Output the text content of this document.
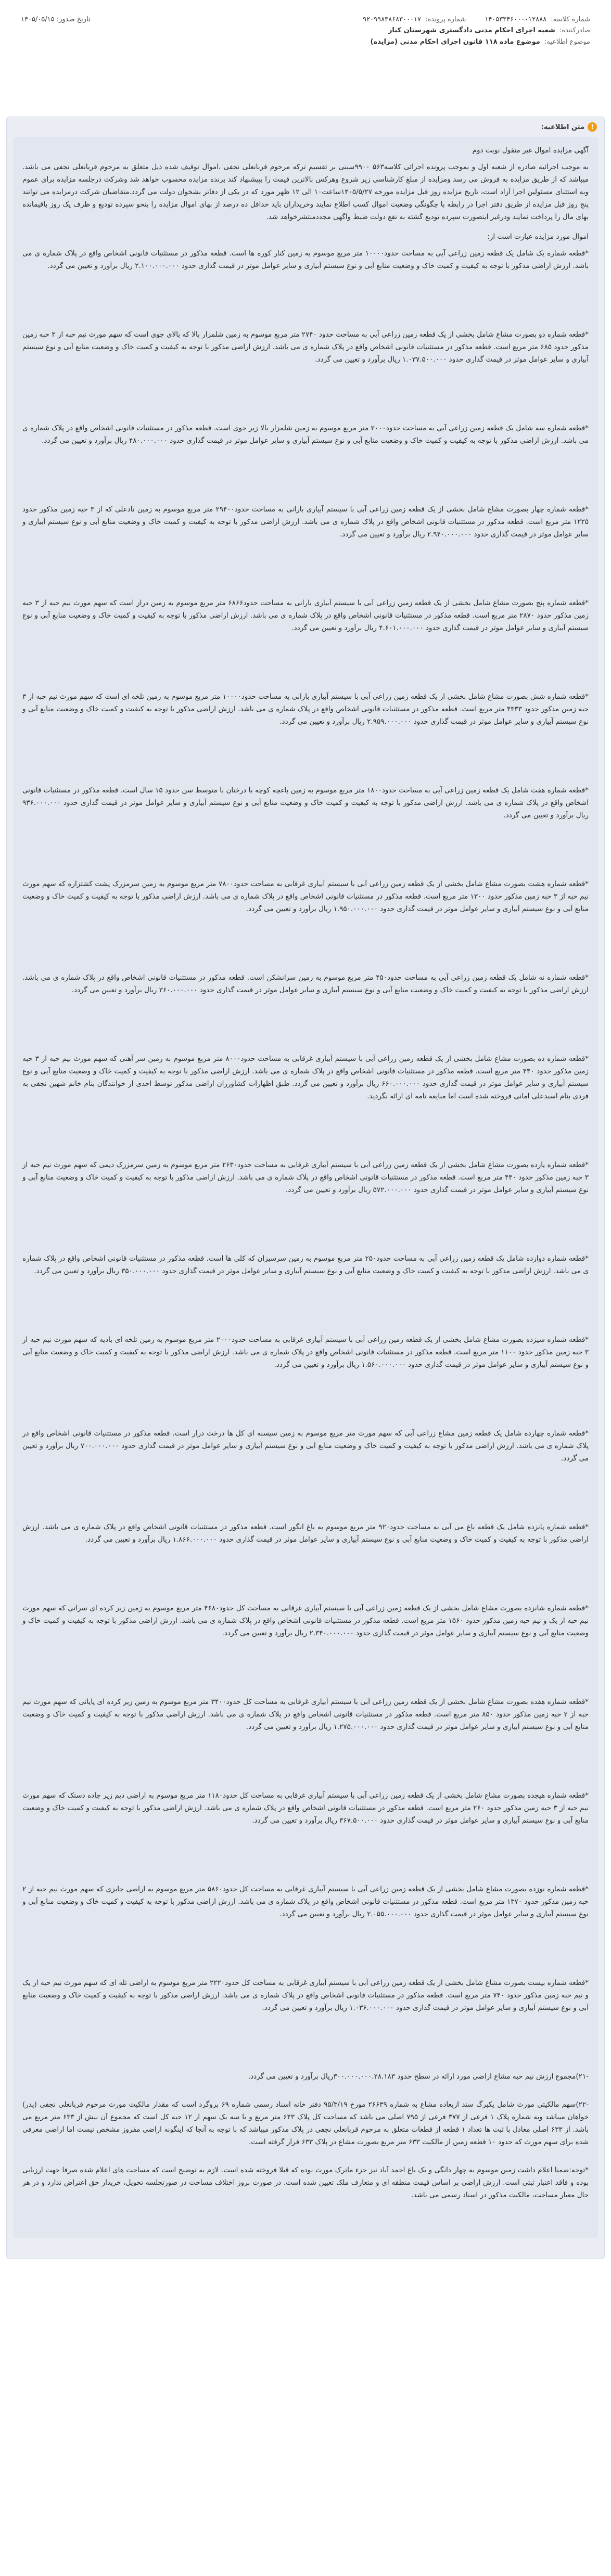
شماره کلاسه: ۱۴۰۵۳۳۴۶۰۰۰۰۱۲۸۸۸
شماره پرونده: ۹۲۰۹۹۸۳۸۶۸۳۰۰۰۱۷
تاریخ صدور: ۱۴۰۵/۰۵/۱۵
صادرکننده: شعبه اجرای احکام مدنی دادگستری شهرستان کیار
موضوع اطلاعیه: موضوع ماده ۱۱۸ قانون اجرای احکام مدنی (مزایده)
!
متن اطلاعیه:
آگهی مزایده اموال غیر منقول نوبت دوم
به موجب اجرائیه صادره از شعبه اول و بموجب پرونده اجرائی کلاسه۵۶۳ ۹۹۰۰سبنی بر تقسیم ترکه مرحوم قربانعلی نجفی ،اموال توقیف شده ذیل متعلق به مرحوم قربانعلی نجفی می باشد. میباشد که از طریق مزایده به فروش می رسد ومزایده از مبلغ کارشناسی زیر شروع وهرکس بالاترین قیمت را بپیشنهاد کند برنده مزایده محسوب خواهد شد وشرکت درجلسه مزایده برای عموم وبه استثنای مسئولین اجرا آزاد است، تاریخ مزایده روز قبل مزایده مورخه ۱۴۰۵/۵/۲۷ساعت۱۰ الی ۱۲ ظهر مورد که در یکی از دفاتر بشخوان دولت می گردد.متقاضیان شرکت درمزایده می توانند پنج روز قبل مزایده از طریق دفتر اجرا در رابطه با چگونگی وضعیت اموال کسب اطلاع نمایند وخریداران باید حداقل ده درصد از بهای اموال مزایده را بنحو سپرده تودیع و ظرف یک روز باقیمانده بهای مال را پرداخت نمایند ودرغیر اینصورت سپرده تودیع گشته به نفع دولت ضبط واگهی مجددمنتشرخواهد شد.
اموال مورد مزایده عبارت است از:
*قطعه شماره یک شامل یک قطعه زمین زراعی آبی به مساحت حدود۱۰۰۰۰ متر مربع موسوم به زمین کنار کوره ها است. قطعه مذکور در مستثنیات قانونی اشخاص واقع در پلاک شماره ی می باشد. ارزش اراضی مذکور با توجه به کیفیت و کمیت خاک و وضعیت منابع آبی و نوع سیستم آبیاری و سایر عوامل موثر در قیمت گذاری حدود ۲.۱۰۰.۰۰۰.۰۰۰ ریال برآورد و تعیین می گردد.
*قطعه شماره دو بصورت مشاع شامل بخشی از یک قطعه زمین زراعی آبی به مساحت حدود ۲۷۴۰ متر مربع موسوم به زمین شلمزار بالا که بالای جوی است که سهم مورث نیم حبه از ۳ حبه زمین مذکور حدود ۶۸۵ متر مربع است. قطعه مذکور در مستثنیات قانونی اشخاص واقع در پلاک شماره ی می باشد. ارزش اراضی مذکور با توجه به کیفیت و کمیت خاک و وضعیت منابع آبی و نوع سیستم آبیاری و سایر عوامل موثر در قیمت گذاری حدود ۱.۰۳۷.۵۰۰.۰۰۰ ریال برآورد و تعیین می گردد.
*قطعه شماره سه شامل یک قطعه زمین زراعی آبی به مساحت حدود۲۰۰۰ متر مربع موسوم به زمین شلمزار بالا زیر جوی است. قطعه مذکور در مستثنیات قانونی اشخاص واقع در پلاک شماره ی می باشد. ارزش اراضی مذکور با توجه به کیفیت و کمیت خاک و وضعیت منابع آبی و نوع سیستم آبیاری و سایر عوامل موثر در قیمت گذاری حدود ۴۸۰.۰۰۰.۰۰۰ ریال برآورد و تعیین می گردد.
*قطعه شماره چهار بصورت مشاع شامل بخشی از یک قطعه زمین زراعی آبی با سیستم آبیاری بارانی به مساحت حدود۲۹۴۰۰ متر مربع موسوم به زمین نادعلی که از ۳ حبه زمین مذکور حدود ۱۲۲۵ متر مربع است. قطعه مذکور در مستثنیات قانونی اشخاص واقع در پلاک شماره ی می باشد. ارزش اراضی مذکور با توجه به کیفیت و کمیت خاک و وضعیت منابع آبی و نوع سیستم آبیاری و سایر عوامل موثر در قیمت گذاری حدود ۲.۹۴۰.۰۰۰.۰۰۰ ریال برآورد و تعیین می گردد.
*قطعه شماره پنج بصورت مشاع شامل بخشی از یک قطعه زمین زراعی آبی با سیستم آبیاری بارانی به مساحت حدود۶۸۶۶ متر مربع موسوم به زمین دراز است که سهم مورث نیم حبه از ۳ حبه زمین مذکور حدود ۲۸۷۰ متر مربع است. قطعه مذکور در مستثنیات قانونی اشخاص واقع در پلاک شماره ی می باشد. ارزش اراضی مذکور با توجه به کیفیت و کمیت خاک و وضعیت منابع آبی و نوع سیستم آبیاری و سایر عوامل موثر در قیمت گذاری حدود ۴.۶۰۱.۰۰۰.۰۰۰ ریال برآورد و تعیین می گردد.
*قطعه شماره شش بصورت مشاع شامل بخشی از یک قطعه زمین زراعی آبی با سیستم آبیاری بارانی به مساحت حدود۱۰۰۰۰ متر مربع موسوم به زمین تلخه ای است که سهم مورث نیم حبه از ۳ حبه زمین مذکور حدود ۴۳۳۳ متر مربع است. قطعه مذکور در مستثنیات قانونی اشخاص واقع در پلاک شماره ی می باشد. ارزش اراضی مذکور با توجه به کیفیت و کمیت خاک و وضعیت منابع آبی و نوع سیستم آبیاری و سایر عوامل موثر در قیمت گذاری حدود ۲.۹۵۹.۰۰۰.۰۰۰ ریال برآورد و تعیین می گردد.
*قطعه شماره هفت شامل یک قطعه زمین زراعی آبی به مساحت حدود۱۸۰۰ متر مربع موسوم به زمین باغچه کوچه با درختان با متوسط سن حدود ۱۵ سال است. قطعه مذکور در مستثنیات قانونی اشخاص واقع در پلاک شماره ی می باشد. ارزش اراضی مذکور با توجه به کیفیت و کمیت خاک و وضعیت منابع آبی و نوع سیستم آبیاری و سایر عوامل موثر در قیمت گذاری حدود ۹۳۶.۰۰۰.۰۰۰ ریال برآورد و تعیین می گردد.
*قطعه شماره هشت بصورت مشاع شامل بخشی از یک قطعه زمین زراعی آبی با سیستم آبیاری غرقابی به مساحت حدود۷۸۰۰ متر مربع موسوم به زمین سرمزرک پشت کشتزاره که سهم مورث نیم حبه از ۳ حبه زمین مذکور حدود ۱۳۰۰ متر مربع است. قطعه مذکور در مستثنیات قانونی اشخاص واقع در پلاک شماره ی می باشد. ارزش اراضی مذکور با توجه به کیفیت و کمیت خاک و وضعیت منابع آبی و نوع سیستم آبیاری و سایر عوامل موثر در قیمت گذاری حدود ۱.۹۵۰.۰۰۰.۰۰۰ ریال برآورد و تعیین می گردد.
*قطعه شماره نه شامل یک قطعه زمین زراعی آبی به مساحت حدود۴۵۰ متر مربع موسوم به زمین سرانشکن است. قطعه مذکور در مستثنیات قانونی اشخاص واقع در پلاک شماره ی می باشد. ارزش اراضی مذکور با توجه به کیفیت و کمیت خاک و وضعیت منابع آبی و نوع سیستم آبیاری و سایر عوامل موثر در قیمت گذاری حدود ۳۶۰.۰۰۰.۰۰۰ ریال برآورد و تعیین می گردد.
*قطعه شماره ده بصورت مشاع شامل بخشی از یک قطعه زمین زراعی آبی با سیستم آبیاری غرقابی به مساحت حدود۸۰۰۰ متر مربع موسوم به زمین سر آهنی که سهم مورث نیم حبه از ۳ حبه زمین مذکور حدود ۴۴۰ متر مربع است. قطعه مذکور در مستثنیات قانونی اشخاص واقع در پلاک شماره ی می باشد. ارزش اراضی مذکور با توجه به کیفیت و کمیت خاک و وضعیت منابع آبی و نوع سیستم آبیاری و سایر عوامل موثر در قیمت گذاری حدود ۶۶۰.۰۰۰.۰۰۰ ریال برآورد و تعیین می گردد. طبق اظهارات کشاورزان اراضی مذکور توسط احدی از خوانندگان بنام خانم شهین نجفی به فردی بنام اسبدعلی امانی فروخته شده است اما مبایعه نامه ای ارائه نگردید.
*قطعه شماره یازده بصورت مشاع شامل بخشی از یک قطعه زمین زراعی آبی با سیستم آبیاری غرقابی به مساحت حدود۲۶۳۰ متر مربع موسوم به زمین سرمزرک دیمی که سهم مورث نیم حبه از ۳ حبه زمین مذکور حدود ۴۴۰ متر مربع است. قطعه مذکور در مستثنیات قانونی اشخاص واقع در پلاک شماره ی می باشد. ارزش اراضی مذکور با توجه به کیفیت و کمیت خاک و وضعیت منابع آبی و نوع سیستم آبیاری و سایر عوامل موثر در قیمت گذاری حدود ۵۷۲.۰۰۰.۰۰۰ ریال برآورد و تعیین می گردد.
*قطعه شماره دوازده شامل یک قطعه زمین زراعی آبی به مساحت حدود۲۵۰ متر مربع موسوم به زمین سرسیزان که کلی ها است. قطعه مذکور در مستثنیات قانونی اشخاص واقع در پلاک شماره ی می باشد. ارزش اراضی مذکور با توجه به کیفیت و کمیت خاک و وضعیت منابع آبی و نوع سیستم آبیاری و سایر عوامل موثر در قیمت گذاری حدود ۳۵۰.۰۰۰.۰۰۰ ریال برآورد و تعیین می گردد.
*قطعه شماره سیزده بصورت مشاع شامل بخشی از یک قطعه زمین زراعی آبی با سیستم آبیاری غرقابی به مساحت حدود۲۰۰۰ متر مربع موسوم به زمین تلخه ای بادیه که سهم مورث نیم حبه از ۳ حبه زمین مذکور حدود ۱۱۰۰ متر مربع است. قطعه مذکور در مستثنیات قانونی اشخاص واقع در پلاک شماره ی می باشد. ارزش اراضی مذکور با توجه به کیفیت و کمیت خاک و وضعیت منابع آبی و نوع سیستم آبیاری و سایر عوامل موثر در قیمت گذاری حدود ۱.۵۶۰.۰۰۰.۰۰۰ ریال برآورد و تعیین می گردد.
*قطعه شماره چهارده شامل یک قطعه زمین مشاع زراعی آبی که سهم مورث متر مربع موسوم به زمین سیسنه ای کل ها درخت درار است. قطعه مذکور در مستثنیات قانونی اشخاص واقع در پلاک شماره ی می باشد. ارزش اراضی مذکور با توجه به کیفیت و کمیت خاک و وضعیت منابع آبی و نوع سیستم آبیاری و سایر عوامل موثر در قیمت گذاری حدود ۷۰۰.۰۰۰.۰۰۰ ریال برآورد و تعیین می گردد.
*قطعه شماره پانزده شامل یک قطعه باغ می آبی به مساحت حدود۹۲۰ متر مربع موسوم به باغ انگور است. قطعه مذکور در مستثنیات قانونی اشخاص واقع در پلاک شماره ی می باشد. ارزش اراضی مذکور با توجه به کیفیت و کمیت خاک و وضعیت منابع آبی و نوع سیستم آبیاری و سایر عوامل موثر در قیمت گذاری حدود ۱.۸۶۶.۰۰۰.۰۰۰ ریال برآورد و تعیین می گردد.
*قطعه شماره شانزده بصورت مشاع شامل بخشی از یک قطعه زمین زراعی آبی با سیستم آبیاری غرقابی به مساحت کل حدود۴۶۸۰ متر مربع موسوم به زمین زیر کرده ای سراتی که سهم مورث نیم حبه از یک و نیم حبه زمین مذکور حدود ۱۵۶۰ متر مربع است. قطعه مذکور در مستثنیات قانونی اشخاص واقع در پلاک شماره ی می باشد. ارزش اراضی مذکور با توجه به کیفیت و کمیت خاک و وضعیت منابع آبی و نوع سیستم آبیاری و سایر عوامل موثر در قیمت گذاری حدود ۲.۳۴۰.۰۰۰.۰۰۰ ریال برآورد و تعیین می گردد.
*قطعه شماره هفده بصورت مشاع شامل بخشی از یک قطعه زمین زراعی آبی با سیستم آبیاری غرقابی به مساحت کل حدود۳۴۰۰ متر مربع موسوم به زمین زیر کرده ای پایانی که سهم مورث نیم حبه از ۲ حبه زمین مذکور حدود ۸۵۰ متر مربع است. قطعه مذکور در مستثنیات قانونی اشخاص واقع در پلاک شماره ی می باشد. ارزش اراضی مذکور با توجه به کیفیت و کمیت خاک و وضعیت منابع آبی و نوع سیستم آبیاری و سایر عوامل موثر در قیمت گذاری حدود ۱.۲۷۵.۰۰۰.۰۰۰ ریال برآورد و تعیین می گردد.
*قطعه شماره هیجده بصورت مشاع شامل بخشی از یک قطعه زمین زراعی آبی با سیستم آبیاری غرقابی به مساحت کل حدود۱۱۸۰ متر مربع موسوم به اراضی دیم زیر جاده دستک که سهم مورث نیم حبه از ۳ حبه زمین مذکور حدود ۲۶۰ متر مربع است. قطعه مذکور در مستثنیات قانونی اشخاص واقع در پلاک شماره ی می باشد. ارزش اراضی مذکور با توجه به کیفیت و کمیت خاک و وضعیت منابع آبی و نوع سیستم آبیاری و سایر عوامل موثر در قیمت گذاری حدود ۳۶۷.۵۰۰.۰۰۰ ریال برآورد و تعیین می گردد.
*قطعه شماره نوزده بصورت مشاع شامل بخشی از یک قطعه زمین زراعی آبی با سیستم آبیاری غرقابی به مساحت کل حدود۵۸۶۰ متر مربع موسوم به اراضی جایزی که سهم مورث نیم حبه از ۲ حبه زمین مذکور حدود ۱۳۷۰ متر مربع است. قطعه مذکور در مستثنیات قانونی اشخاص واقع در پلاک شماره ی می باشد. ارزش اراضی مذکور با توجه به کیفیت و کمیت خاک و وضعیت منابع آبی و نوع سیستم آبیاری و سایر عوامل موثر در قیمت گذاری حدود ۲.۰۵۵.۰۰۰.۰۰۰ ریال برآورد و تعیین می گردد.
*قطعه شماره بیست بصورت مشاع شامل بخشی از یک قطعه زمین زراعی آبی با سیستم آبیاری غرقابی به مساحت کل حدود۲۲۲۰ متر مربع موسوم به اراضی تله ای که سهم مورث نیم حبه از یک و نیم حبه زمین مذکور حدود ۷۴۰ متر مربع است. قطعه مذکور در مستثنیات قانونی اشخاص واقع در پلاک شماره ی می باشد. ارزش اراضی مذکور با توجه به کیفیت و کمیت خاک و وضعیت منابع آبی و نوع سیستم آبیاری و سایر عوامل موثر در قیمت گذاری حدود ۱.۰۳۶.۰۰۰.۰۰۰ ریال برآورد و تعیین می گردد.
-۲۱)مجموع ارزش نیم حبه مشاع اراضی مورد ارائه در سطح حدود ۳۰۰.۰۰۰.۰۰۰.۲۸.۱۸۳ریال برآورد و تعیین می گردد.
-۲۲)سهم مالکیتی مورث شامل یکبرگ سند ازبعاده مشاع به شماره ۲۶۶۳۹ مورخ ۹۵/۳/۱۹ دفتر خانه اسناد رسمی شماره ۶۹ بروگرد است که مقدار مالکیت مورث مرحوم قربانعلی نجفی (پدر) خواهان میباشد وبه شماره پلاک ۱ فرعی از ۳۷۷ فرعی از ۷۹۵ اصلی می باشد که مساحت کل پلاک ۶۴۳ متر مربع و با سه یک سهم از ۱۲ حبه کل است که مجموع آن بیش از ۶۳۳ متر مربع می باشد. از ۶۳۳ اصلی معادل با ثبت ها تعداد ۱ قطعه از قطعات متعلق به مرحوم قربانعلی نجفی در پلاک مذکور میباشد که با توجه به آنجا که اینگونه اراضی مفروز مشخص نیست اما اراضی معرفی شده برای سهم مورث که حدود ۱۰ قطعه زمین از مالکیت ۶۳۳ متر مربع بصورت مشاع در پلاک ۶۳۳ قرار گرفته است.
*توجه:ضمنا اعلام داشت زمین موسوم به چهار دانگی و یک باغ احمد آباد نیز جزء ماترک مورث بوده که قبلا فروخته شده است. لازم به توضیح است که مساحت های اعلام شده صرفا جهت ارزیابی بوده و فاقد اعتبار ثبتی است. ارزش اراضی بر اساس قیمت منطقه ای و متعارف ملک تعیین شده است. در صورت بروز اختلاف مساحت در صورتجلسه تحویل، خریدار حق اعتراض ندارد و در هر حال معیار مساحت، مالکیت مذکور در اسناد رسمی می باشد.
